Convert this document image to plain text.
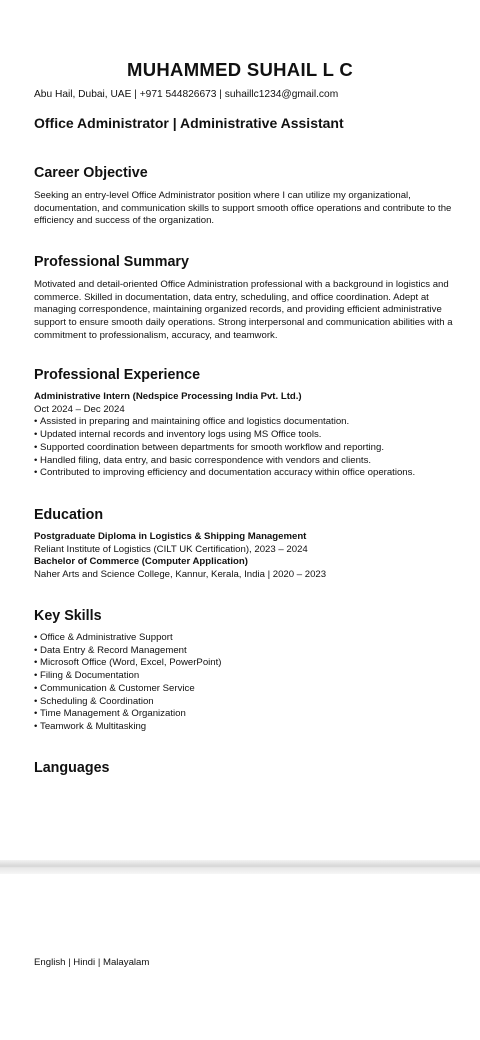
MUHAMMED SUHAIL L C
Abu Hail, Dubai, UAE | +971 544826673 | suhaillc1234@gmail.com
Office Administrator | Administrative Assistant
Career Objective
Seeking an entry-level Office Administrator position where I can utilize my organizational,
documentation, and communication skills to support smooth office operations and contribute to the
efficiency and success of the organization.
Professional Summary
Motivated and detail-oriented Office Administration professional with a background in logistics and
commerce. Skilled in documentation, data entry, scheduling, and office coordination. Adept at
managing correspondence, maintaining organized records, and providing efficient administrative
support to ensure smooth daily operations. Strong interpersonal and communication abilities with a
commitment to professionalism, accuracy, and teamwork.
Professional Experience
Administrative Intern (Nedspice Processing India Pvt. Ltd.)
Oct 2024 – Dec 2024
• Assisted in preparing and maintaining office and logistics documentation.
• Updated internal records and inventory logs using MS Office tools.
• Supported coordination between departments for smooth workflow and reporting.
• Handled filing, data entry, and basic correspondence with vendors and clients.
• Contributed to improving efficiency and documentation accuracy within office operations.
Education
Postgraduate Diploma in Logistics & Shipping Management
Reliant Institute of Logistics (CILT UK Certification), 2023 – 2024
Bachelor of Commerce (Computer Application)
Naher Arts and Science College, Kannur, Kerala, India | 2020 – 2023
Key Skills
• Office & Administrative Support
• Data Entry & Record Management
• Microsoft Office (Word, Excel, PowerPoint)
• Filing & Documentation
• Communication & Customer Service
• Scheduling & Coordination
• Time Management & Organization
• Teamwork & Multitasking
Languages
English | Hindi | Malayalam
